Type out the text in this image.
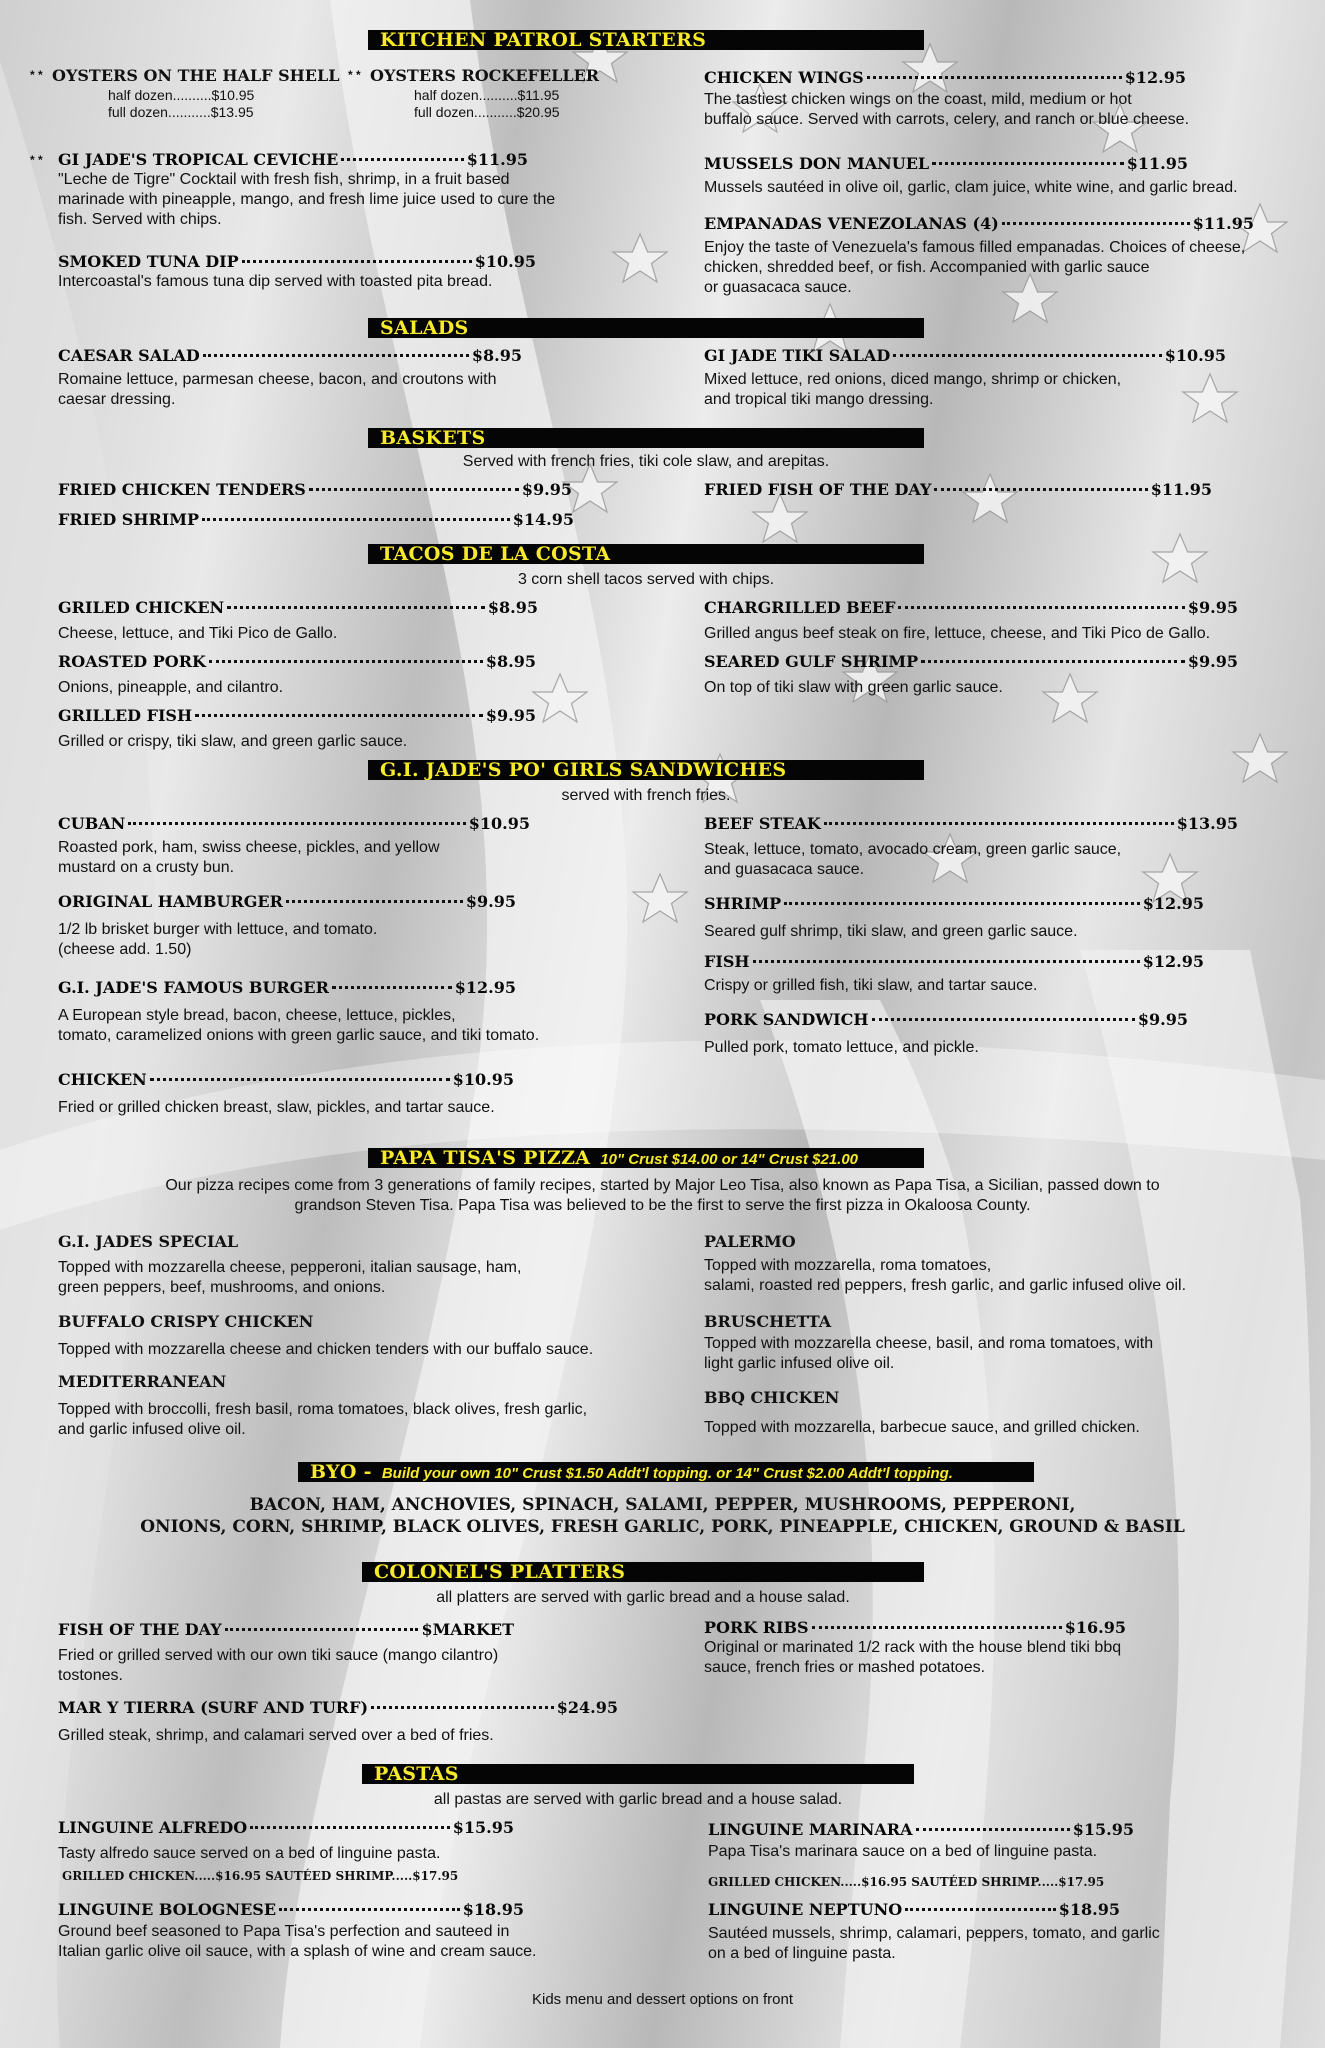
KITCHEN PATROL STARTERS
* * OYSTERS ON THE HALF SHELL
half dozen..........$10.95
full dozen...........$13.95
* * OYSTERS ROCKEFELLER
half dozen..........$11.95
full dozen...........$20.95
* * GI JADE'S TROPICAL CEVICHE	$11.95
"Leche de Tigre" Cocktail with fresh fish, shrimp, in a fruit based
marinade with pineapple, mango, and fresh lime juice used to cure the
fish. Served with chips.
SMOKED TUNA DIP	$10.95
Intercoastal's famous tuna dip served with toasted pita bread.
CHICKEN WINGS	$12.95
The tastiest chicken wings on the coast, mild, medium or hot
buffalo sauce. Served with carrots, celery, and ranch or blue cheese.
MUSSELS DON MANUEL	$11.95
Mussels sautéed in olive oil, garlic, clam juice, white wine, and garlic bread.
EMPANADAS VENEZOLANAS (4)	$11.95
Enjoy the taste of Venezuela's famous filled empanadas. Choices of cheese,
chicken, shredded beef, or fish. Accompanied with garlic sauce
or guasacaca sauce.
SALADS
CAESAR SALAD	$8.95
Romaine lettuce, parmesan cheese, bacon, and croutons with
caesar dressing.
GI JADE TIKI SALAD	$10.95
Mixed lettuce, red onions, diced mango, shrimp or chicken,
and tropical tiki mango dressing.
BASKETS
Served with french fries, tiki cole slaw, and arepitas.
FRIED CHICKEN TENDERS	$9.95
FRIED SHRIMP	$14.95
FRIED FISH OF THE DAY	$11.95
TACOS DE LA COSTA
3 corn shell tacos served with chips.
GRILED CHICKEN	$8.95
Cheese, lettuce, and Tiki Pico de Gallo.
ROASTED PORK	$8.95
Onions, pineapple, and cilantro.
GRILLED FISH	$9.95
Grilled or crispy, tiki slaw, and green garlic sauce.
CHARGRILLED BEEF	$9.95
Grilled angus beef steak on fire, lettuce, cheese, and Tiki Pico de Gallo.
SEARED GULF SHRIMP	$9.95
On top of tiki slaw with green garlic sauce.
G.I. JADE'S PO' GIRLS SANDWICHES
served with french fries.
CUBAN	$10.95
Roasted pork, ham, swiss cheese, pickles, and yellow
mustard on a crusty bun.
ORIGINAL HAMBURGER	$9.95
1/2 lb brisket burger with lettuce, and tomato.
(cheese add. 1.50)
G.I. JADE'S FAMOUS BURGER	$12.95
A European style bread, bacon, cheese, lettuce, pickles,
tomato, caramelized onions with green garlic sauce, and tiki tomato.
CHICKEN	$10.95
Fried or grilled chicken breast, slaw, pickles, and tartar sauce.
BEEF STEAK	$13.95
Steak, lettuce, tomato, avocado cream, green garlic sauce,
and guasacaca sauce.
SHRIMP	$12.95
Seared gulf shrimp, tiki slaw, and green garlic sauce.
FISH	$12.95
Crispy or grilled fish, tiki slaw, and tartar sauce.
PORK SANDWICH	$9.95
Pulled pork, tomato lettuce, and pickle.
PAPA TISA'S PIZZA 10" Crust $14.00 or 14" Crust $21.00
Our pizza recipes come from 3 generations of family recipes, started by Major Leo Tisa, also known as Papa Tisa, a Sicilian, passed down to
grandson Steven Tisa. Papa Tisa was believed to be the first to serve the first pizza in Okaloosa County.
G.I. JADES SPECIAL
Topped with mozzarella cheese, pepperoni, italian sausage, ham,
green peppers, beef, mushrooms, and onions.
BUFFALO CRISPY CHICKEN
Topped with mozzarella cheese and chicken tenders with our buffalo sauce.
MEDITERRANEAN
Topped with broccolli, fresh basil, roma tomatoes, black olives, fresh garlic,
and garlic infused olive oil.
PALERMO
Topped with mozzarella, roma tomatoes,
salami, roasted red peppers, fresh garlic, and garlic infused olive oil.
BRUSCHETTA
Topped with mozzarella cheese, basil, and roma tomatoes, with
light garlic infused olive oil.
BBQ CHICKEN
Topped with mozzarella, barbecue sauce, and grilled chicken.
BYO - Build your own 10" Crust $1.50 Addt'l topping. or 14" Crust $2.00 Addt'l topping.
BACON, HAM, ANCHOVIES, SPINACH, SALAMI, PEPPER, MUSHROOMS, PEPPERONI,
ONIONS, CORN, SHRIMP, BLACK OLIVES, FRESH GARLIC, PORK, PINEAPPLE, CHICKEN, GROUND & BASIL
COLONEL'S PLATTERS
all platters are served with garlic bread and a house salad.
FISH OF THE DAY	$MARKET
Fried or grilled served with our own tiki sauce (mango cilantro)
tostones.
MAR Y TIERRA (SURF AND TURF)	$24.95
Grilled steak, shrimp, and calamari served over a bed of fries.
PORK RIBS	$16.95
Original or marinated 1/2 rack with the house blend tiki bbq
sauce, french fries or mashed potatoes.
PASTAS
all pastas are served with garlic bread and a house salad.
LINGUINE ALFREDO	$15.95
Tasty alfredo sauce served on a bed of linguine pasta.
GRILLED CHICKEN.....$16.95 SAUTÉED SHRIMP.....$17.95
LINGUINE BOLOGNESE	$18.95
Ground beef seasoned to Papa Tisa's perfection and sauteed in
Italian garlic olive oil sauce, with a splash of wine and cream sauce.
LINGUINE MARINARA	$15.95
Papa Tisa's marinara sauce on a bed of linguine pasta.
GRILLED CHICKEN.....$16.95 SAUTÉED SHRIMP.....$17.95
LINGUINE NEPTUNO	$18.95
Sautéed mussels, shrimp, calamari, peppers, tomato, and garlic
on a bed of linguine pasta.
Kids menu and dessert options on front
